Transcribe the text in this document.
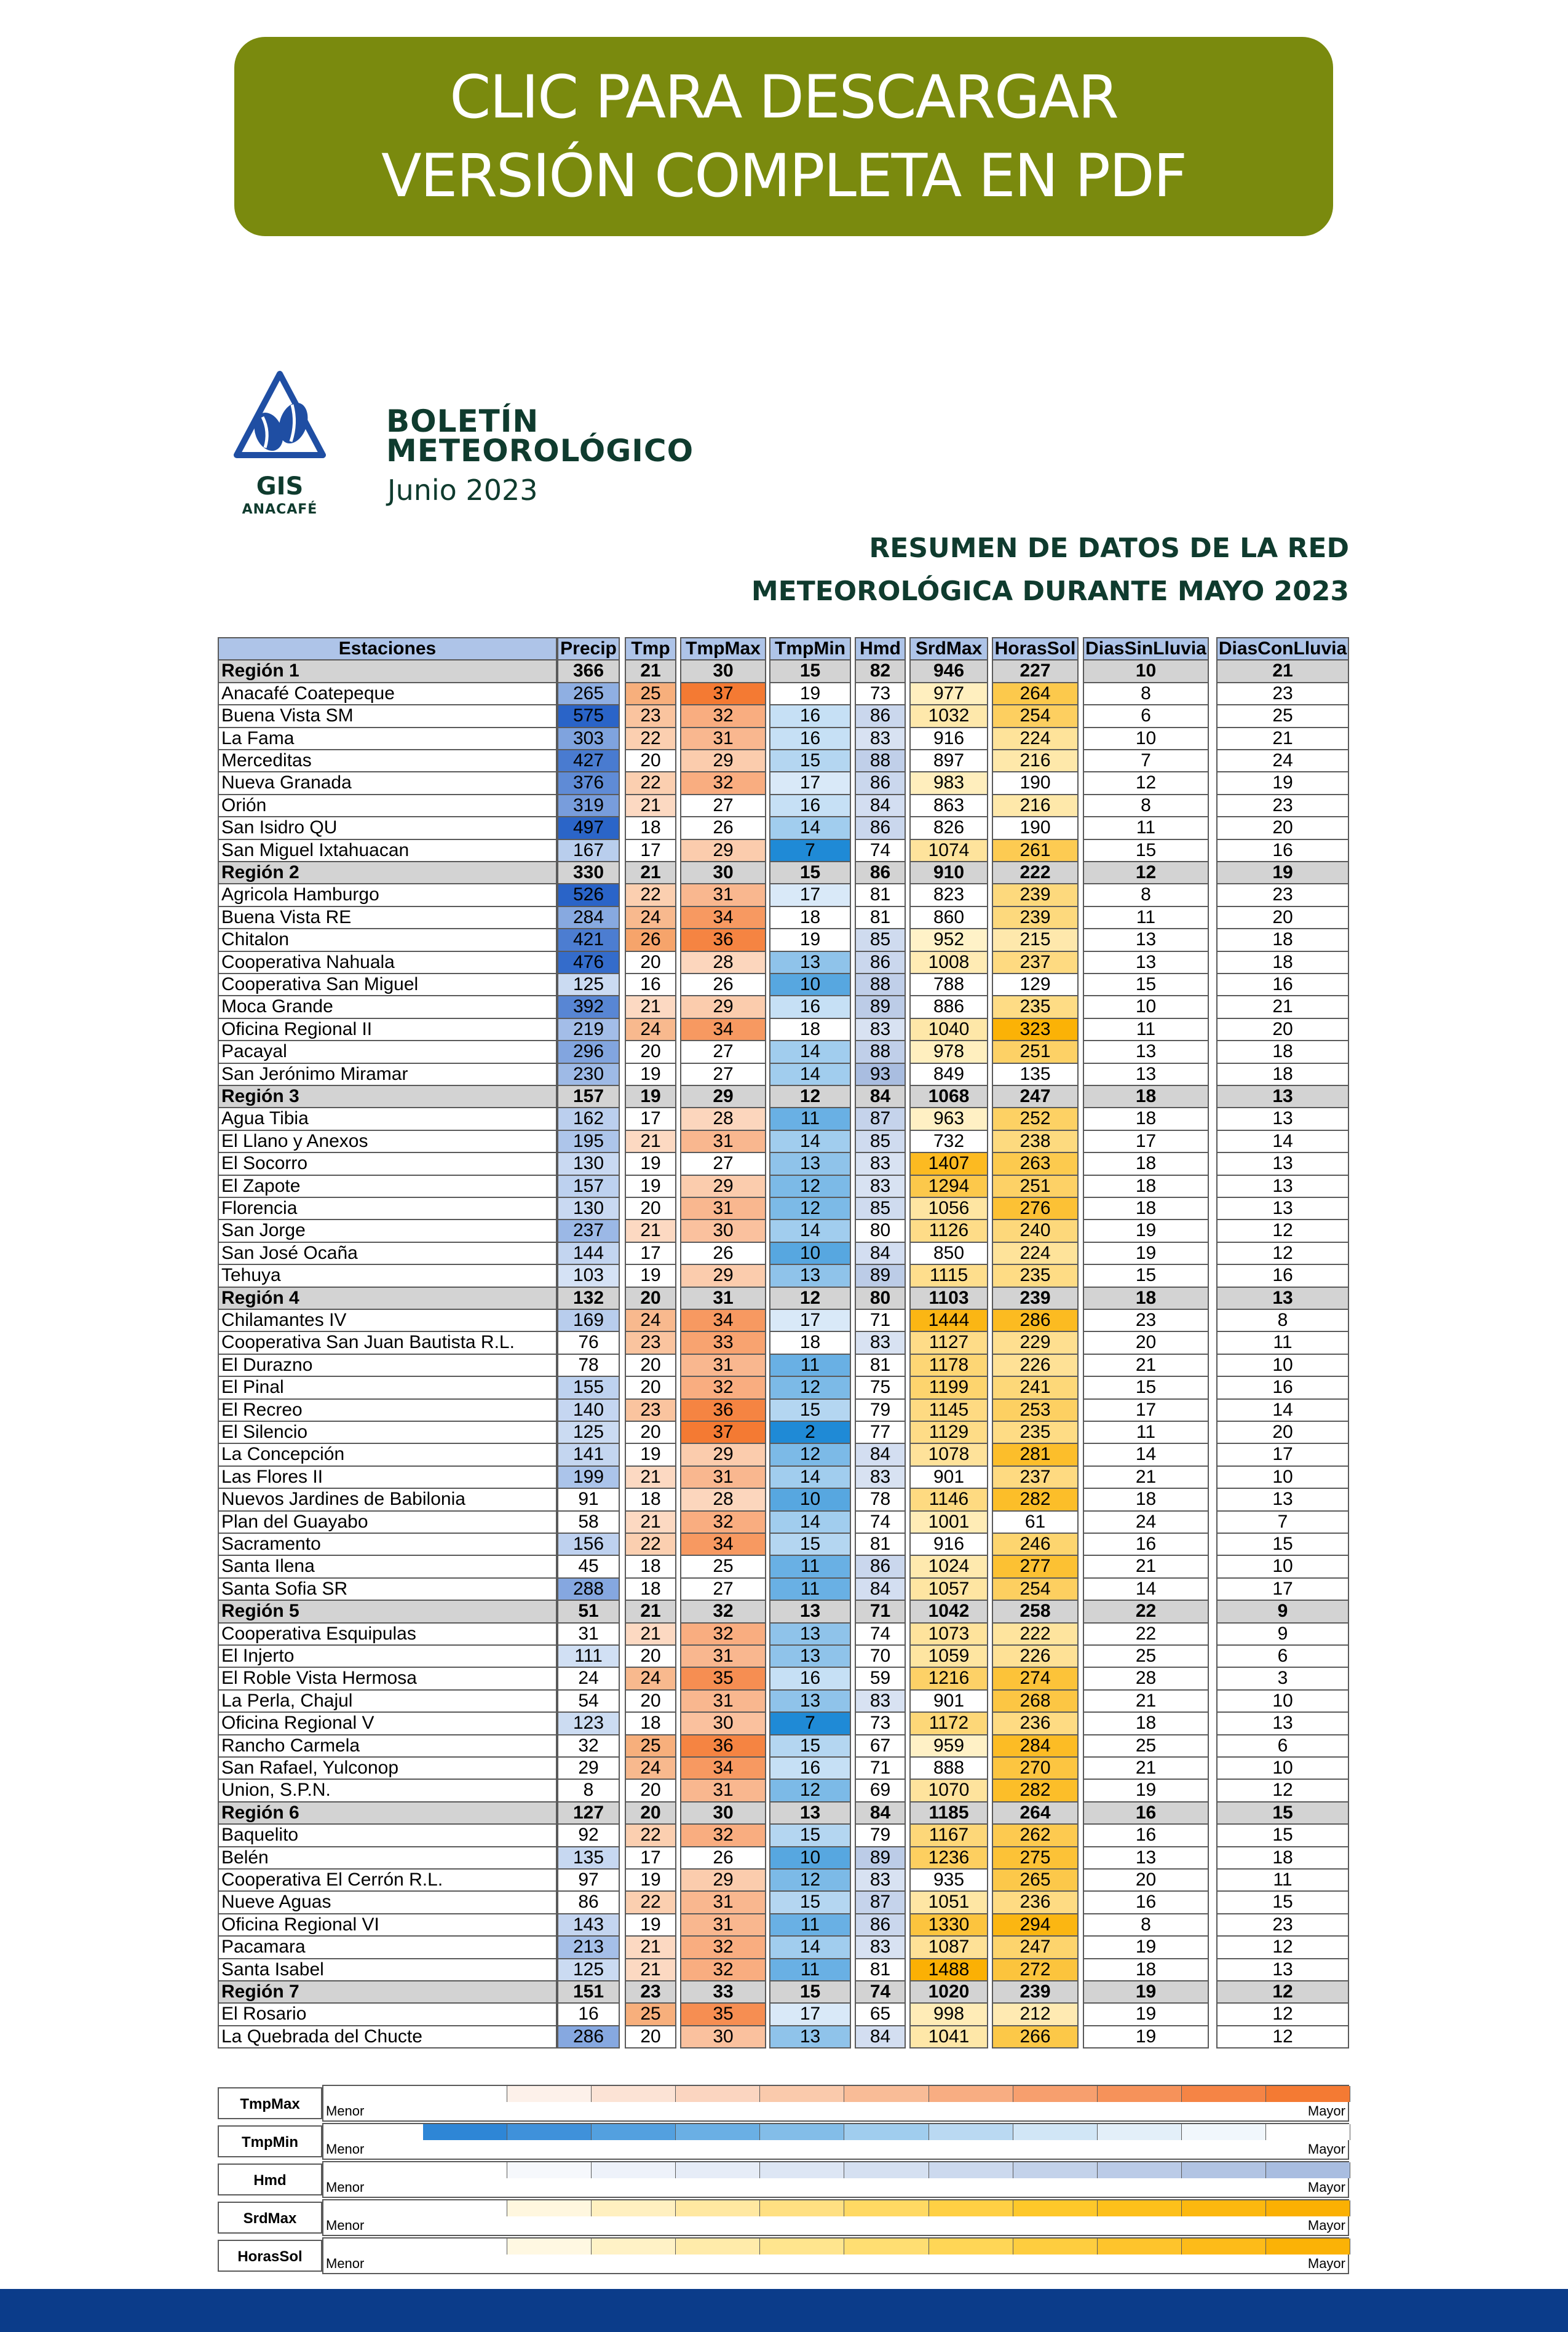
CLIC PARA DESCARGAR
VERSIÓN COMPLETA EN PDF
GIS
ANACAFÉ
BOLETÍN
METEOROLÓGICO
Junio 2023
RESUMEN DE DATOS DE LA RED
METEOROLÓGICA DURANTE MAYO 2023
Estaciones	Precip Tmp TmpMax TmpMin Hmd SrdMax HorasSol DiasSinLluvia DiasConLluvia
Región 1	366	21	30	15	82	946	227	10	21
Anacafé Coatepeque	265	25	37	19	73	977	264	8	23
Buena Vista SM	575	23	32	16	86	1032	254	6	25
La Fama	303	22	31	16	83	916	224	10	21
Merceditas	427	20	29	15	88	897	216	7	24
Nueva Granada	376	22	32	17	86	983	190	12	19
Orión	319	21	27	16	84	863	216	8	23
San Isidro QU	497	18	26	14	86	826	190	11	20
San Miguel Ixtahuacan	167	17	29	7	74	1074	261	15	16
Región 2	330	21	30	15	86	910	222	12	19
Agricola Hamburgo	526	22	31	17	81	823	239	8	23
Buena Vista RE	284	24	34	18	81	860	239	11	20
Chitalon	421	26	36	19	85	952	215	13	18
Cooperativa Nahuala	476	20	28	13	86	1008	237	13	18
Cooperativa San Miguel	125	16	26	10	88	788	129	15	16
Moca Grande	392	21	29	16	89	886	235	10	21
Oficina Regional II	219	24	34	18	83	1040	323	11	20
Pacayal	296	20	27	14	88	978	251	13	18
San Jerónimo Miramar	230	19	27	14	93	849	135	13	18
Región 3	157	19	29	12	84	1068	247	18	13
Agua Tibia	162	17	28	11	87	963	252	18	13
El Llano y Anexos	195	21	31	14	85	732	238	17	14
El Socorro	130	19	27	13	83	1407	263	18	13
El Zapote	157	19	29	12	83	1294	251	18	13
Florencia	130	20	31	12	85	1056	276	18	13
San Jorge	237	21	30	14	80	1126	240	19	12
San José Ocaña	144	17	26	10	84	850	224	19	12
Tehuya	103	19	29	13	89	1115	235	15	16
Región 4	132	20	31	12	80	1103	239	18	13
Chilamantes IV	169	24	34	17	71	1444	286	23	8
Cooperativa San Juan Bautista R.L.	76	23	33	18	83	1127	229	20	11
El Durazno	78	20	31	11	81	1178	226	21	10
El Pinal	155	20	32	12	75	1199	241	15	16
El Recreo	140	23	36	15	79	1145	253	17	14
El Silencio	125	20	37	2	77	1129	235	11	20
La Concepción	141	19	29	12	84	1078	281	14	17
Las Flores II	199	21	31	14	83	901	237	21	10
Nuevos Jardines de Babilonia	91	18	28	10	78	1146	282	18	13
Plan del Guayabo	58	21	32	14	74	1001	61	24	7
Sacramento	156	22	34	15	81	916	246	16	15
Santa Ilena	45	18	25	11	86	1024	277	21	10
Santa Sofia SR	288	18	27	11	84	1057	254	14	17
Región 5	51	21	32	13	71	1042	258	22	9
Cooperativa Esquipulas	31	21	32	13	74	1073	222	22	9
El Injerto	111	20	31	13	70	1059	226	25	6
El Roble Vista Hermosa	24	24	35	16	59	1216	274	28	3
La Perla, Chajul	54	20	31	13	83	901	268	21	10
Oficina Regional V	123	18	30	7	73	1172	236	18	13
Rancho Carmela	32	25	36	15	67	959	284	25	6
San Rafael, Yulconop	29	24	34	16	71	888	270	21	10
Union, S.P.N.	8	20	31	12	69	1070	282	19	12
Región 6	127	20	30	13	84	1185	264	16	15
Baquelito	92	22	32	15	79	1167	262	16	15
Belén	135	17	26	10	89	1236	275	13	18
Cooperativa El Cerrón R.L.	97	19	29	12	83	935	265	20	11
Nueve Aguas	86	22	31	15	87	1051	236	16	15
Oficina Regional VI	143	19	31	11	86	1330	294	8	23
Pacamara	213	21	32	14	83	1087	247	19	12
Santa Isabel	125	21	32	11	81	1488	272	18	13
Región 7	151	23	33	15	74	1020	239	19	12
El Rosario	16	25	35	17	65	998	212	19	12
La Quebrada del Chucte	286	20	30	13	84	1041	266	19	12
TmpMax	Menor	Mayor
TmpMin	Menor	Mayor
Hmd	Menor	Mayor
SrdMax	Menor	Mayor
HorasSol	Menor	Mayor
